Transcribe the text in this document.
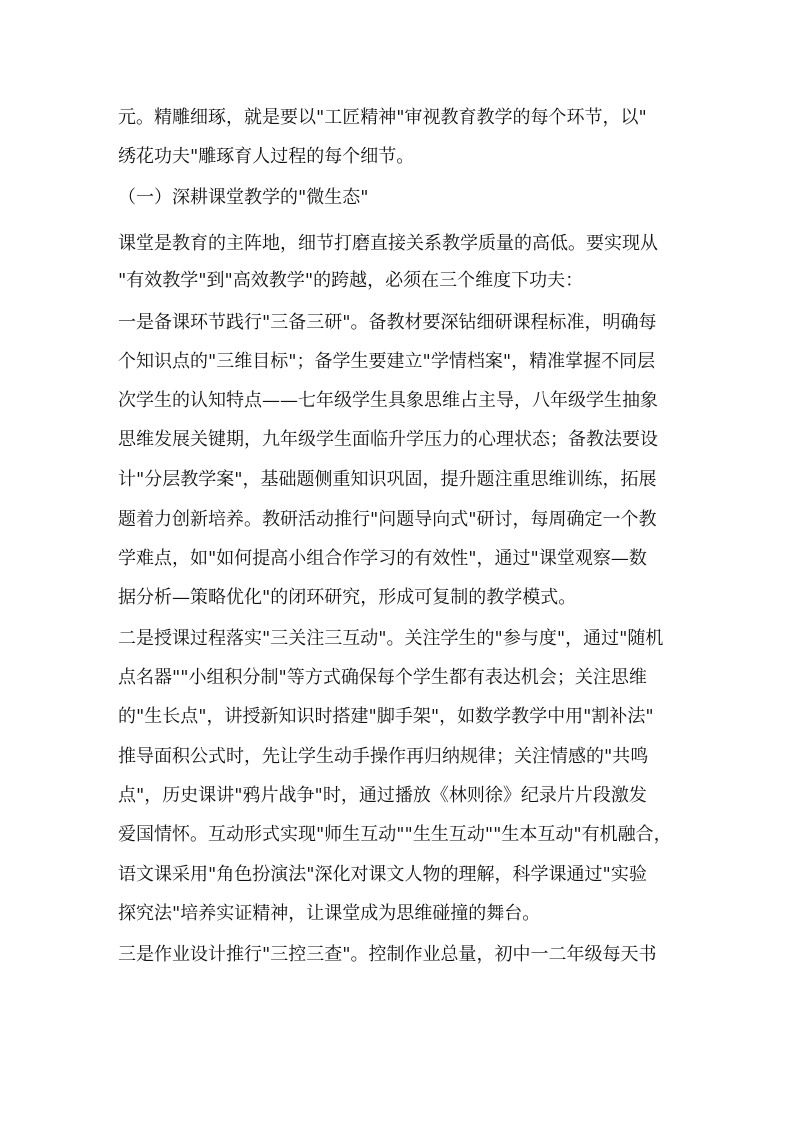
元。精雕细琢，就是要以"工匠精神"审视教育教学的每个环节，以"
绣花功夫"雕琢育人过程的每个细节。
（一）深耕课堂教学的"微生态"
课堂是教育的主阵地，细节打磨直接关系教学质量的高低。要实现从
"有效教学"到"高效教学"的跨越，必须在三个维度下功夫：
一是备课环节践行"三备三研"。备教材要深钻细研课程标准，明确每
个知识点的"三维目标"；备学生要建立"学情档案"，精准掌握不同层
次学生的认知特点——七年级学生具象思维占主导，八年级学生抽象
思维发展关键期，九年级学生面临升学压力的心理状态；备教法要设
计"分层教学案"，基础题侧重知识巩固，提升题注重思维训练，拓展
题着力创新培养。教研活动推行"问题导向式"研讨，每周确定一个教
学难点，如"如何提高小组合作学习的有效性"，通过"课堂观察—数
据分析—策略优化"的闭环研究，形成可复制的教学模式。
二是授课过程落实"三关注三互动"。关注学生的"参与度"，通过"随机
点名器""小组积分制"等方式确保每个学生都有表达机会；关注思维
的"生长点"，讲授新知识时搭建"脚手架"，如数学教学中用"割补法"
推导面积公式时，先让学生动手操作再归纳规律；关注情感的"共鸣
点"，历史课讲"鸦片战争"时，通过播放《林则徐》纪录片片段激发
爱国情怀。互动形式实现"师生互动""生生互动""生本互动"有机融合，
语文课采用"角色扮演法"深化对课文人物的理解，科学课通过"实验
探究法"培养实证精神，让课堂成为思维碰撞的舞台。
三是作业设计推行"三控三查"。控制作业总量，初中一二年级每天书
